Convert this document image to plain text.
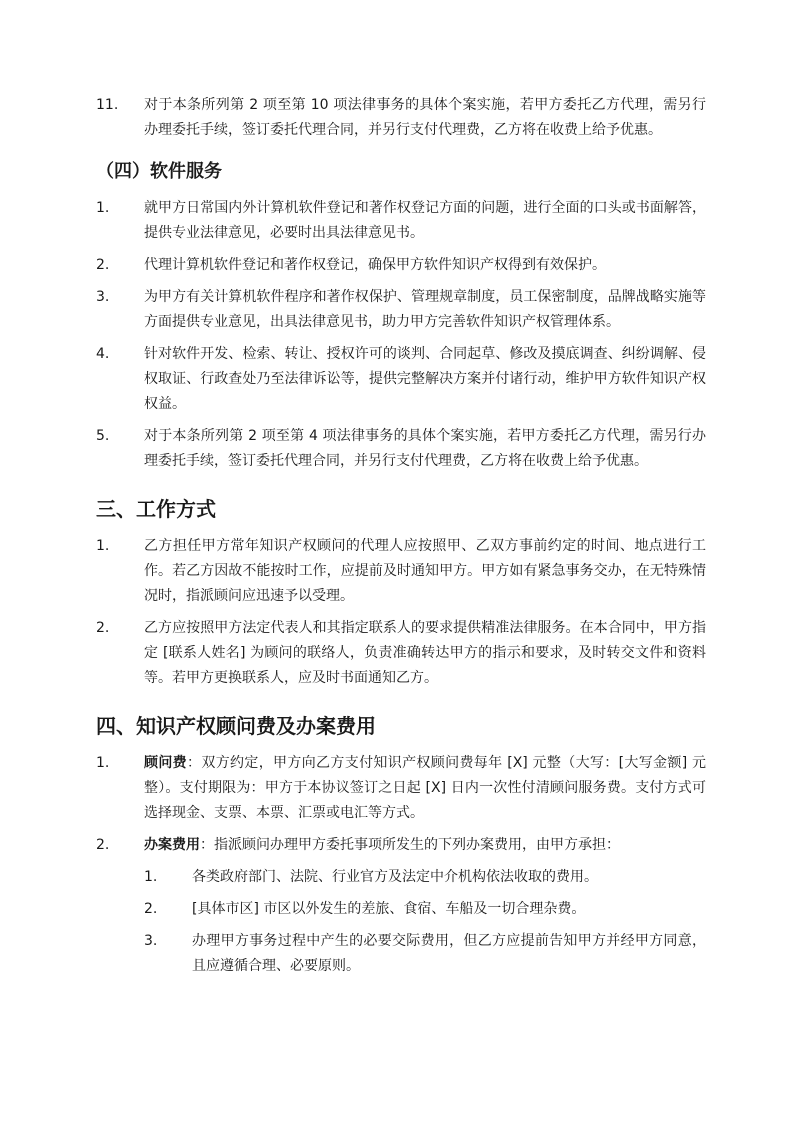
11.	对于本条所列第 2 项至第 10 项法律事务的具体个案实施，若甲方委托乙方代理，需另行办理委托手续，签订委托代理合同，并另行支付代理费，乙方将在收费上给予优惠。
（四）软件服务
1.	就甲方日常国内外计算机软件登记和著作权登记方面的问题，进行全面的口头或书面解答，提供专业法律意见，必要时出具法律意见书。
2.	代理计算机软件登记和著作权登记，确保甲方软件知识产权得到有效保护。
3.	为甲方有关计算机软件程序和著作权保护、管理规章制度，员工保密制度，品牌战略实施等方面提供专业意见，出具法律意见书，助力甲方完善软件知识产权管理体系。
4.	针对软件开发、检索、转让、授权许可的谈判、合同起草、修改及摸底调查、纠纷调解、侵权取证、行政查处乃至法律诉讼等，提供完整解决方案并付诸行动，维护甲方软件知识产权权益。
5.	对于本条所列第 2 项至第 4 项法律事务的具体个案实施，若甲方委托乙方代理，需另行办理委托手续，签订委托代理合同，并另行支付代理费，乙方将在收费上给予优惠。
三、工作方式
1.	乙方担任甲方常年知识产权顾问的代理人应按照甲、乙双方事前约定的时间、地点进行工作。若乙方因故不能按时工作，应提前及时通知甲方。甲方如有紧急事务交办，在无特殊情况时，指派顾问应迅速予以受理。
2.	乙方应按照甲方法定代表人和其指定联系人的要求提供精准法律服务。在本合同中，甲方指定 [联系人姓名] 为顾问的联络人，负责准确转达甲方的指示和要求，及时转交文件和资料等。若甲方更换联系人，应及时书面通知乙方。
四、知识产权顾问费及办案费用
1.	顾问费：双方约定，甲方向乙方支付知识产权顾问费每年 [X] 元整（大写：[大写金额] 元整）。支付期限为：甲方于本协议签订之日起 [X] 日内一次性付清顾问服务费。支付方式可选择现金、支票、本票、汇票或电汇等方式。
2.	办案费用：指派顾问办理甲方委托事项所发生的下列办案费用，由甲方承担：
1.	各类政府部门、法院、行业官方及法定中介机构依法收取的费用。
2.	[具体市区] 市区以外发生的差旅、食宿、车船及一切合理杂费。
3.	办理甲方事务过程中产生的必要交际费用，但乙方应提前告知甲方并经甲方同意，且应遵循合理、必要原则。
